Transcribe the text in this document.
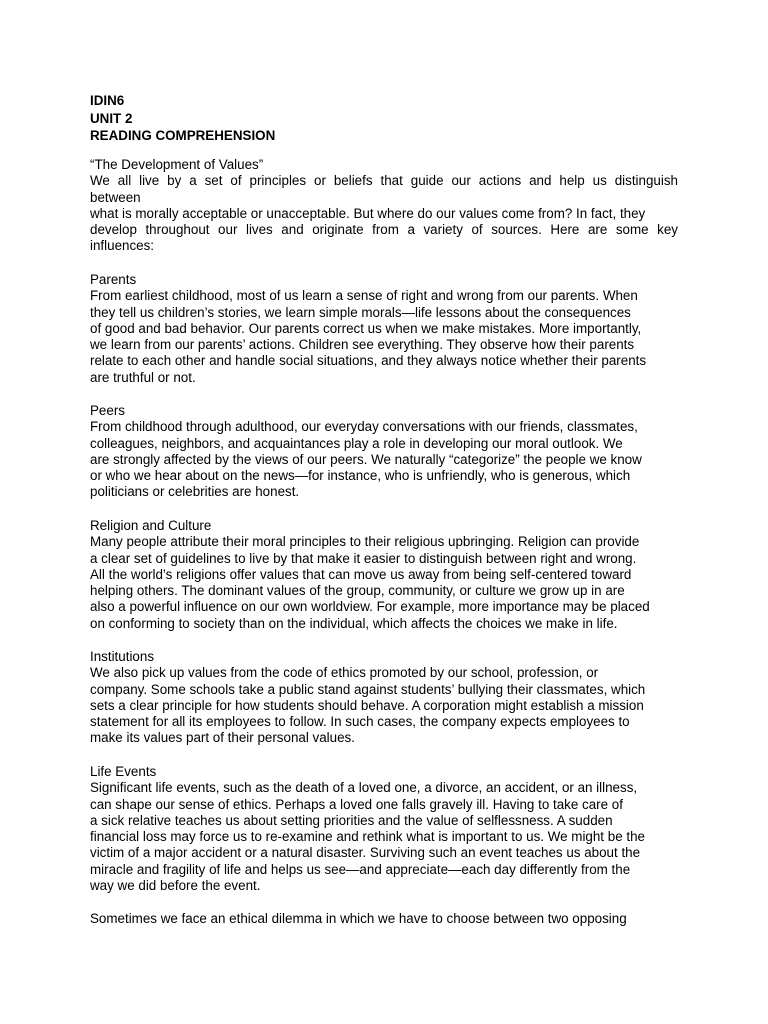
IDIN6
UNIT 2
READING COMPREHENSION
“The Development of Values”
We all live by a set of principles or beliefs that guide our actions and help us distinguish
between
what is morally acceptable or unacceptable. But where do our values come from? In fact, they
develop throughout our lives and originate from a variety of sources. Here are some key
influences:
Parents
From earliest childhood, most of us learn a sense of right and wrong from our parents. When
they tell us children’s stories, we learn simple morals—life lessons about the consequences
of good and bad behavior. Our parents correct us when we make mistakes. More importantly,
we learn from our parents’ actions. Children see everything. They observe how their parents
relate to each other and handle social situations, and they always notice whether their parents
are truthful or not.
Peers
From childhood through adulthood, our everyday conversations with our friends, classmates,
colleagues, neighbors, and acquaintances play a role in developing our moral outlook. We
are strongly affected by the views of our peers. We naturally “categorize” the people we know
or who we hear about on the news—for instance, who is unfriendly, who is generous, which
politicians or celebrities are honest.
Religion and Culture
Many people attribute their moral principles to their religious upbringing. Religion can provide
a clear set of guidelines to live by that make it easier to distinguish between right and wrong.
All the world’s religions offer values that can move us away from being self-centered toward
helping others. The dominant values of the group, community, or culture we grow up in are
also a powerful influence on our own worldview. For example, more importance may be placed
on conforming to society than on the individual, which affects the choices we make in life.
Institutions
We also pick up values from the code of ethics promoted by our school, profession, or
company. Some schools take a public stand against students’ bullying their classmates, which
sets a clear principle for how students should behave. A corporation might establish a mission
statement for all its employees to follow. In such cases, the company expects employees to
make its values part of their personal values.
Life Events
Significant life events, such as the death of a loved one, a divorce, an accident, or an illness,
can shape our sense of ethics. Perhaps a loved one falls gravely ill. Having to take care of
a sick relative teaches us about setting priorities and the value of selflessness. A sudden
financial loss may force us to re-examine and rethink what is important to us. We might be the
victim of a major accident or a natural disaster. Surviving such an event teaches us about the
miracle and fragility of life and helps us see—and appreciate—each day differently from the
way we did before the event.
Sometimes we face an ethical dilemma in which we have to choose between two opposing
